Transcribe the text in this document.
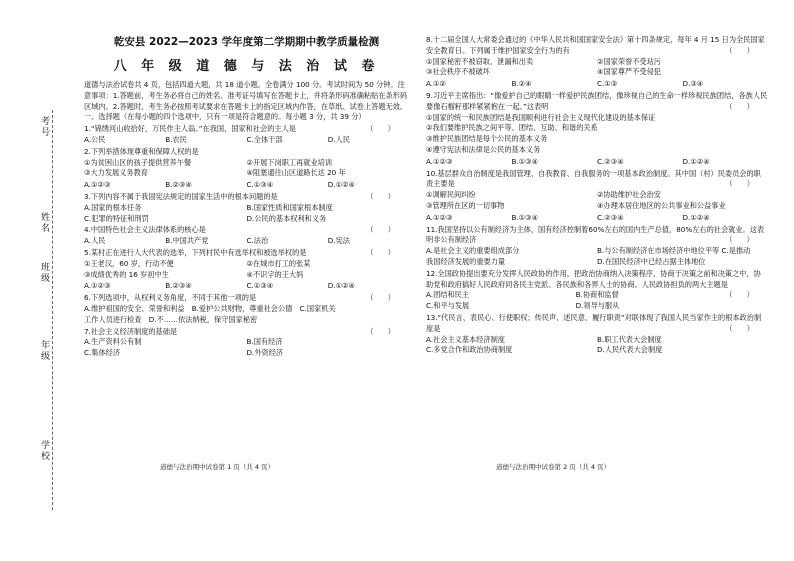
考号
姓名
班级
年级
学校
乾安县 2022—2023 学年度第二学期期中教学质量检测
八 年 级 道 德 与 法 治 试 卷
道德与法治试卷共 4 页，包括四道大题，共 18 道小题。全卷满分 100 分。考试时间为 50 分钟。注意事项：1.答题前，考生务必将自己的姓名、准考证号填写在答题卡上，并将条形码准确粘贴在条形码区域内。2.答题时，考生务必按照考试要求在答题卡上的指定区域内作答，在草纸、试卷上答题无效。一、选择题（在每小题的四个选项中，只有一项是符合题意的。每小题 3 分，共 39 分）
1.“锦绣河山收拾好，万民作主人翁。”在我国，国家和社会的主人是	（　　）
A.公民	B.农民	C.全体干部	D.人民
2.下列举措体现尊重和保障人权的是
①为贫困山区的孩子提供营养午餐	②开展下岗职工再就业培训
③大力发展义务教育	④阻塞通往山区道路长达 20 年
A.①②③	B.②③④	C.①③④	D.①②④
3.下列内容不属于我国宪法规定的国家生活中的根本问题的是	（　　）
A.国家的根本任务	B.国家性质和国家根本制度
C.犯罪的特征和刑罚	D.公民的基本权利和义务
4.中国特色社会主义法律体系的核心是	（　　）
A.人民	B.中国共产党	C.法治	D.宪法
5.某村正在进行人大代表的选举，下列村民中有选举权和被选举权的是	（　　）
①王老汉，60 岁，行动不便	②在城市打工的张某
③成绩优秀的 16 岁初中生	④不识字的王大妈
A.①②③	B.②③④	C.①③④	D.①②④
6.下列选项中，从权利义务角度，不同于其他一项的是	（　　）
A.维护祖国的安全、荣誉和利益　B.爱护公共财物，尊重社会公德　C.国家机关
工作人员进行检查　D.不……依法纳税，保守国家秘密
7.社会主义经济制度的基础是	（　　）
A.生产资料公有制	B.国有经济
C.集体经济	D.外资经济
8.十二届全国人大常委会通过的《中华人民共和国国家安全法》第十四条规定，每年 4 月 15 日为全民国家安全教育日。下列属于维护国家安全行为的有	（　　）
①国家秘密不被窃取、泄漏和出卖	②国家荣誉不受玷污
③社会秩序不被破坏	④国家尊严不受侵犯
A.①②	B.②④	C.①③	D.③④
9.习近平主席指出：“像爱护自己的眼睛一样爱护民族团结，像珍视自己的生命一样珍视民族团结，各族人民要像石榴籽那样紧紧抱在一起。”这表明	（　　）
①国家的统一和民族团结是我国顺利进行社会主义现代化建设的基本保证
②我们要维护民族之间平等、团结、互助、和谐的关系
③维护民族团结是每个公民的基本义务
④遵守宪法和法律是公民的基本义务
A.①②③	B.①③④	C.②③④	D.①②④
10.基层群众自治制度是我国管理、自我教育、自我服务的一项基本政治制度。其中国（村）民委员会的职责主要是	（　　）
①调解民间纠纷	②协助维护社会治安
③管理所在区的一切事物	④办理本居住地区的公共事业和公益事业
A.①②③	B.①③④	C.②③④	D.①②④
11.我国坚持以公有制经济为主体，国有经济控制着60%左右的国内生产总值，80%左右的社会就业。这表明非公有制经济	（　　）
A.是社会主义的重要组成部分	B.与公有制经济在市场经济中地位平等 C.是推动
我国经济发展的重要力量	D.在国民经济中已经占据主体地位
12.全国政协提出要充分发挥人民政协的作用，把政治协商纳入决策程序，协商于决策之前和决策之中，协助党和政府搞好人民政府同各民主党派、各民族和各界人士的协商。人民政协担负的两大主题是
（　　）
A.团结和民主	B.协商和监督
C.和平与发展	D.领导与服从
13.“代民言、表民心、行使职权；传民声、述民意、履行职责”对联体现了我国人民当家作主的根本政治制度是	（　　）
A.社会主义基本经济制度	B.职工代表大会制度
C.多党合作和政治协商制度	D.人民代表大会制度
道德与法治期中试卷第 1 页（共 4 页）	道德与法治期中试卷第 2 页（共 4 页）
